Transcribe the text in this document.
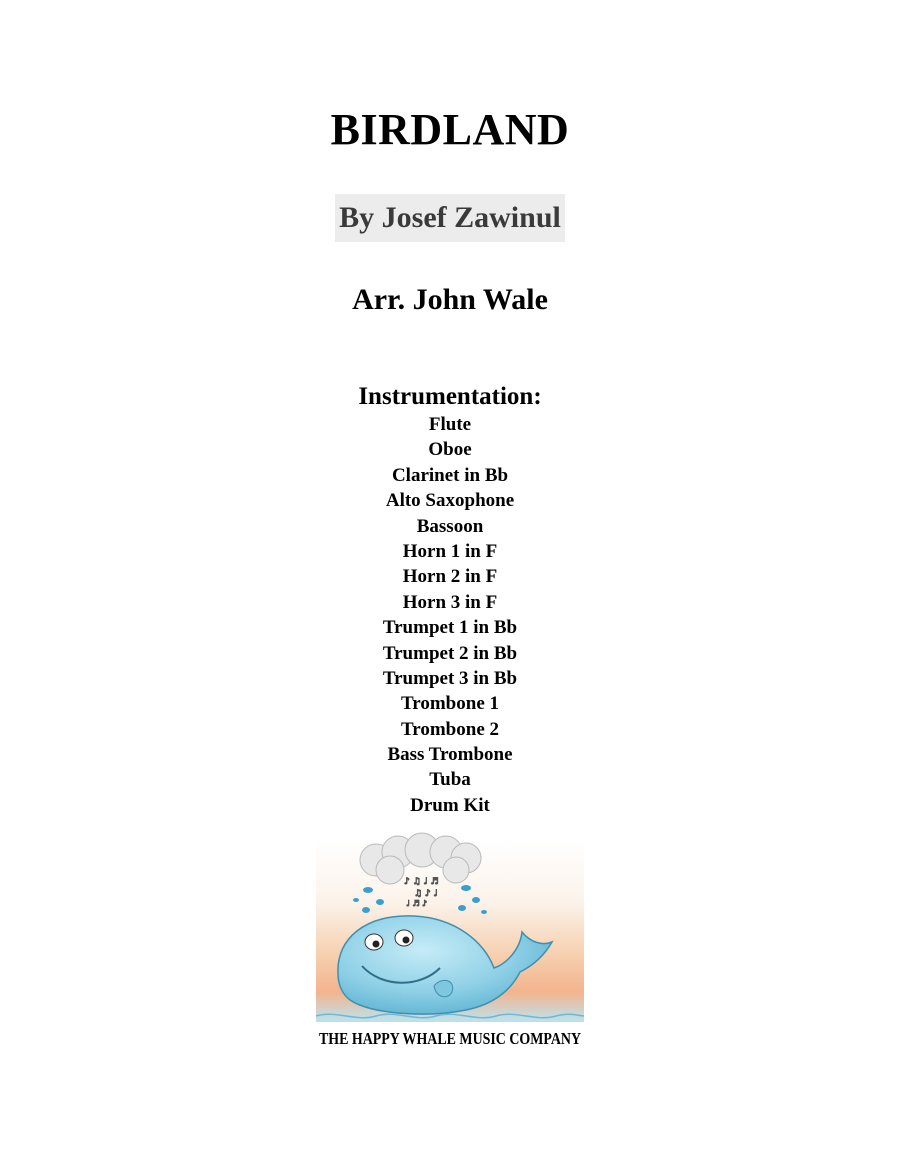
BIRDLAND
By Josef Zawinul
Arr. John Wale
Instrumentation:
Flute
Oboe
Clarinet in Bb
Alto Saxophone
Bassoon
Horn 1 in F
Horn 2 in F
Horn 3 in F
Trumpet 1 in Bb
Trumpet 2 in Bb
Trumpet 3 in Bb
Trombone 1
Trombone 2
Bass Trombone
Tuba
Drum Kit
♪ ♫ ♩ ♬
♫ ♪ ♩
♩ ♬ ♪
THE HAPPY WHALE MUSIC COMPANY
